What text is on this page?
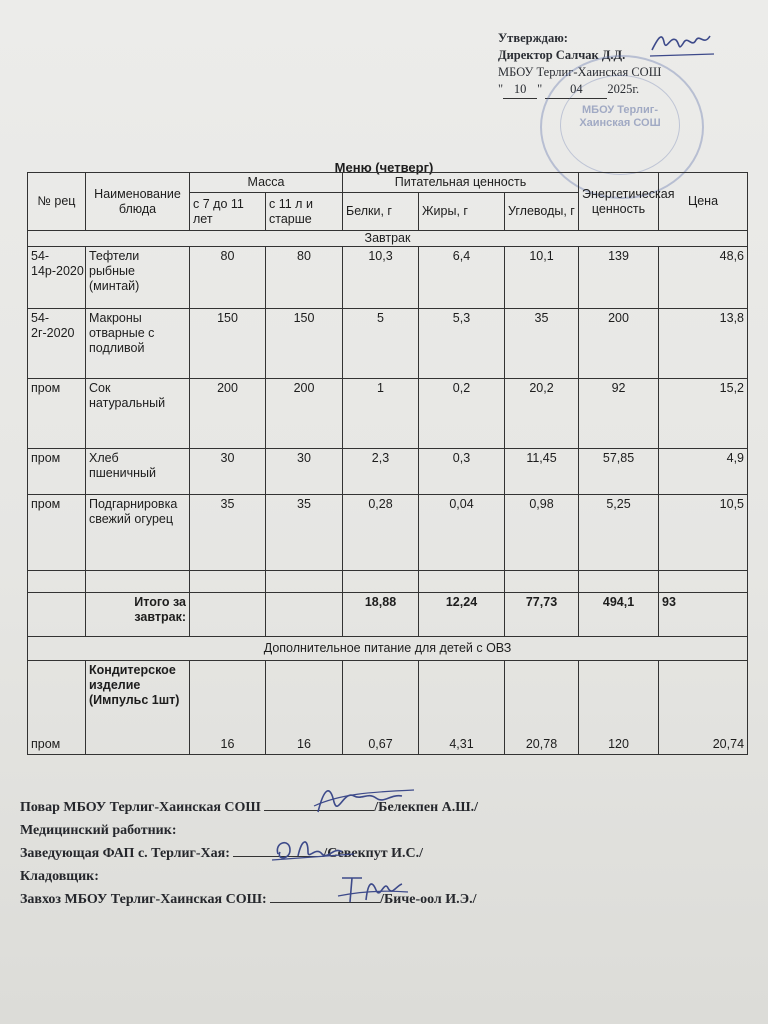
Утверждаю:
Директор Салчак Д.Д.
МБОУ Терлиг-Хаинская СОШ
" 10 " 04 2025г.
МБОУ Терлиг-Хаинская СОШ
Меню (четверг)
№ рец	Наименование блюда	Масса		Питательная ценность			Энергетическая ценность	Цена
		с 7 до 11 лет	с 11 л и старше	Белки, г	Жиры, г	Углеводы, г		
Завтрак								
54-14р-2020	Тефтели рыбные (минтай)	80	80	10,3	6,4	10,1	139	48,6
54-2г-2020	Макроны отварные с подливой	150	150	5	5,3	35	200	13,8
пром	Сок натуральный	200	200	1	0,2	20,2	92	15,2
пром	Хлеб пшеничный	30	30	2,3	0,3	11,45	57,85	4,9
пром	Подгарнировка свежий огурец	35	35	0,28	0,04	0,98	5,25	10,5

	Итого за завтрак:			18,88	12,24	77,73	494,1	93
Дополнительное питание для детей с ОВЗ								
пром	Кондитерское изделие (Импульс 1шт)	16	16	0,67	4,31	20,78	120	20,74
Повар МБОУ Терлиг-Хаинская СОШ	/Белекпен А.Ш./
Медицинский работник:
Заведующая ФАП с. Терлиг-Хая:	/Севекпут И.С./
Кладовщик:
Завхоз МБОУ Терлиг-Хаинская СОШ:	/Биче-оол И.Э./
